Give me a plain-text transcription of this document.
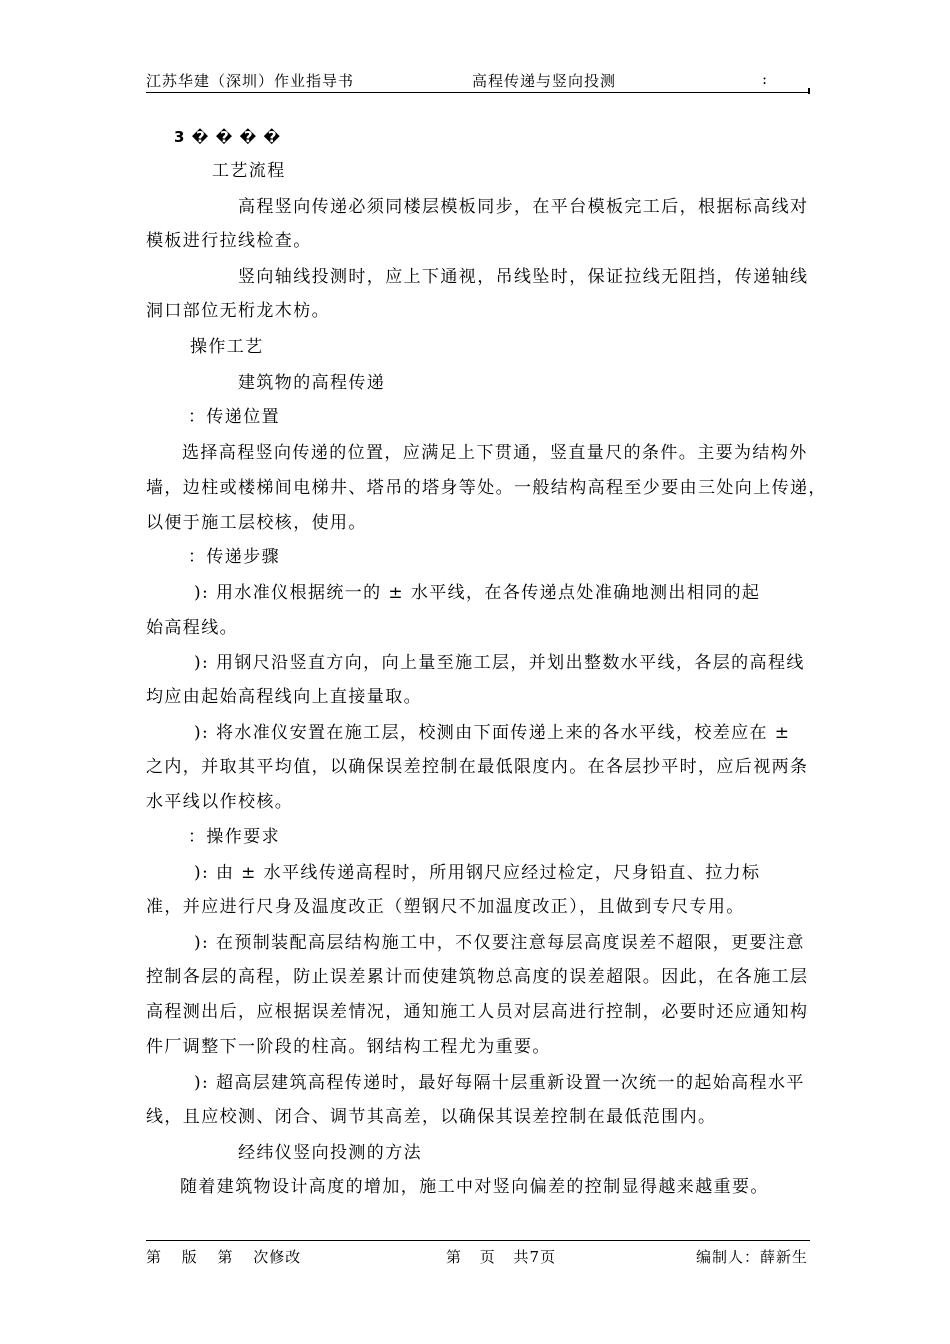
江苏华建（深圳）作业指导书	高程传递与竖向投测	:
3 � � � �
工艺流程
高程竖向传递必须同楼层模板同步，在平台模板完工后，根据标高线对
模板进行拉线检查。
竖向轴线投测时，应上下通视，吊线坠时，保证拉线无阻挡，传递轴线
洞口部位无桁龙木枋。
操作工艺
建筑物的高程传递
：传递位置
选择高程竖向传递的位置，应满足上下贯通，竖直量尺的条件。主要为结构外
墙，边柱或楼梯间电梯井、塔吊的塔身等处。一般结构高程至少要由三处向上传递，
以便于施工层校核，使用。
：传递步骤
): 用水准仪根据统一的 ± 水平线，在各传递点处准确地测出相同的起
始高程线。
): 用钢尺沿竖直方向，向上量至施工层，并划出整数水平线，各层的高程线
均应由起始高程线向上直接量取。
): 将水准仪安置在施工层，校测由下面传递上来的各水平线，校差应在 ±
之内，并取其平均值，以确保误差控制在最低限度内。在各层抄平时，应后视两条
水平线以作校核。
：操作要求
): 由 ± 水平线传递高程时，所用钢尺应经过检定，尺身铅直、拉力标
准，并应进行尺身及温度改正（塑钢尺不加温度改正），且做到专尺专用。
): 在预制装配高层结构施工中，不仅要注意每层高度误差不超限，更要注意
控制各层的高程，防止误差累计而使建筑物总高度的误差超限。因此，在各施工层
高程测出后，应根据误差情况，通知施工人员对层高进行控制，必要时还应通知构
件厂调整下一阶段的柱高。钢结构工程尤为重要。
): 超高层建筑高程传递时，最好每隔十层重新设置一次统一的起始高程水平
线，且应校测、闭合、调节其高差，以确保其误差控制在最低范围内。
经纬仪竖向投测的方法
随着建筑物设计高度的增加，施工中对竖向偏差的控制显得越来越重要。
第 版 第 次修改	第 页 共7页	编制人：薛新生
